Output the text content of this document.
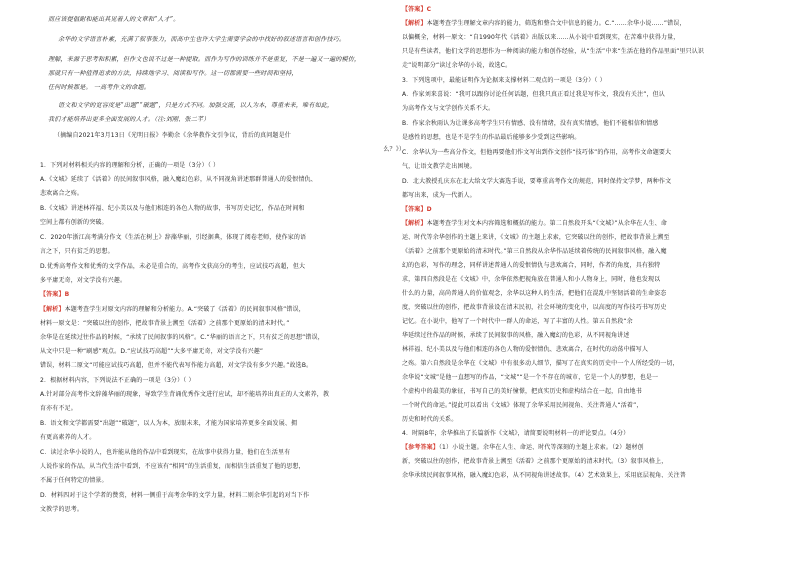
而应该提倡耐和能出其见着人的文章和“人才”。
余华的文学语言朴素，充满了叙事张力，而高中生也许大学生需要学会的中找好的叙述语言和创作技巧。
理解，来源于思考和积累，但作文也说不过是一种提取。而作为写作的训练并不是重复，不是一遍又一遍的模仿，
那就只有一种值得追求的方法，持续地学习、阅读和写作。这一切都需要一些时间和坚持，
任何时候都是。 一高考作文的命题。
语文和文学的宽容度是“出题”“破题”，只是方式不同。加强交流，以人为本，尊重未来，唯有如此，
我们才能培养出更多全面发展的人才。（注:刘刚、张二芊）
（摘编自2021年3月13日《光明日报》李勤余《余华教作文引争议，背后的真问题是什
么？》）
1．下列对材料相关内容的理解和分析，正确的一项是（3分）（ ）
A.《文城》延续了《活着》的民间叙事风格，融入魔幻色彩，从不同视角讲述那群普通人的爱恨情仇、
悲欢离合之殇。
B.《文城》讲述林祥福、纪小美以及与他们相连的各色人物的故事，书写历史记忆，作品在时间和
空间上都有创新的突破。
C．2020年浙江高考满分作文《生活在树上》辞藻华丽，引经据典，体现了阅卷老师，使作家的语
言之下，只有贫乏的思想。
D.优秀高考作文和优秀的文学作品，未必是重合的，高考作文获高分的考生，应试技巧高超，但大
多平庸无奇，对文学没有兴趣。
【解析】本题考查学生对原文内容的理解和分析能力。A.“突破了《活着》的民间叙事风格”错误，
材料一原文是：“突破以往的创作，把故事背景上溯至《活着》之前那个更原始的清末时代。”
余华是在延续过往作品的时候，“承续了民间叙事的风格”。C.“华丽的语言之下，只有贫乏的思想”错误，
从文中只是一种“刷感”观点。D.“应试技巧高超”“大多平庸无奇，对文学没有兴趣”
错误，材料二原文“可能应试技巧高超，但并不能代表写作能力高超，对文学没有多少兴趣。”故选B。
2．根据材料内容，下列说法不正确的一项是（3分）（ ）
A.针对部分高考作文辞藻华丽的现象，导致学生背诵优秀作文进行应试，却不能培养出真正的人文素养，教
育亦有不足。
B．语文和文学都需要“出题”“破题”，以人为本，放眼未来，才能为国家培养更多全面发展、拥
有更高素养的人才。
C．读过余华小说的人，也许能从他的作品中看到现实，在故事中获得力量，他们在生活里有
人说作家的作品，从当代生活中看到，不应该有“相同”的生活重复，而相信生活重复了他的思想，
不属于任何特定的情景。
D．材料四对于这个学者的赞赏，材料一侧重于高考余华的文学力量，材料二则余华引起的对当下作
文教学的思考。
【答案】B
【答案】C
【解析】本题考查学生理解文章内容的能力，筛选和整合文中信息的能力。C.“……余华小说……”错误，
以偏概全，材料一原文：“自1990年代《活着》出版以来……从小说中看到现实，在苦难中获得力量，
只是有些读者，他们文学的思想作为一种阅读的能力和创作经验，从“生活”中来“生活在他的作品里面”里只认识
走”说明部分“读过余华的小说，故选C。
3．下列选项中，最能证明作为论据来支撑材料二观点的一项是（3分）（ ）
A．作家刘来喜说：“我可以跟你讨论任何话题，但我只真正看过我是写作文，我没有关注”，但认
为高考作文与文学创作关系不大。
B．作家余秋雨认为让课多高考学生只有情感、没有情绪，没有真实情感，他们不能相信和情感
是感性的思想，也是不是学生的作品最后能够多少受到这些影响。
C．余华认为一些高分作文，但他再要他们作文写出到作文创作“技巧体”的作用，高考作文命题要大
气，让语文教学走出困境。
D．北大教授孔庆东在北大给文学大赛选手说，要尊重高考作文的规范，同时保持文学梦，两种作文
都写出来，成为一代新人。
【答案】D
【解析】本题考查学生对文本内容筛选和概括的能力。第二自然段开头“《文城》”从余华在人生、命
运、时代等余华创作的主题上来讲，《文城》的主题上求索，它突破以往的创作，把故事背景上溯至
《活着》之前那个更原始的清末时代。”第三自然段从余华作品延续着传统的民间叙事风格，融入魔
幻的色彩，写作的理念，同样讲述普通人的爱恨情仇与悲欢离合，同时，作者的角度，具有独特
求，第四自然段是在《文城》中，余华依然把视角放在普通人和小人物身上，同时，他也发现以
什么的力量，高尚普通人的价值观念，余华以这种人的生活，把他们在混乱中坚韧活着的生命姿态
度，突破以往的创作，把故事背景设在清末民初，社会环境的变化中，以高度的写作技巧书写历史
记忆。在小说中，他写了一个时代中一群人的命运，写了丰富的人性。第五自然段“余
华延续过往作品的时候，承续了民间叙事的风格，融入魔幻的色彩，从不同视角讲述
林祥福、纪小美以及与他们相连的各色人物的爱恨情仇、悲欢离合，在时代的动荡中描写人
之殇。第六自然段是余华在《文城》中有很多动人细节，描写了在真实的历史中一个人所经受的一切，
余华说“文城”是他一直想写的作品，“文城”“是一个不存在的城市，它是一个人的梦想，也是一
个虚构中的最美的象征，书写自己的美好憧憬，把真实历史和虚构结合在一起，自由地书
一个时代的命运。”提此可以看出《文城》体现了余华采用民间视角、关注普通人“活着”，
历史和时代的关系。
4．时隔8年，余华推出了长篇新作《文城》，请简要说明材料一的评论要点。（4分）
【参考答案】（1）小说主题。余华在人生、命运、时代等深刻的主题上求索。（2）题材创
新，突破以往的创作，把故事背景上溯至《活着》之前那个更原始的清末时代。（3）叙事风格上，
余华承续民间叙事风格，融入魔幻色彩，从不同视角讲述故事。（4）艺术效果上，采用底层视角、关注普
